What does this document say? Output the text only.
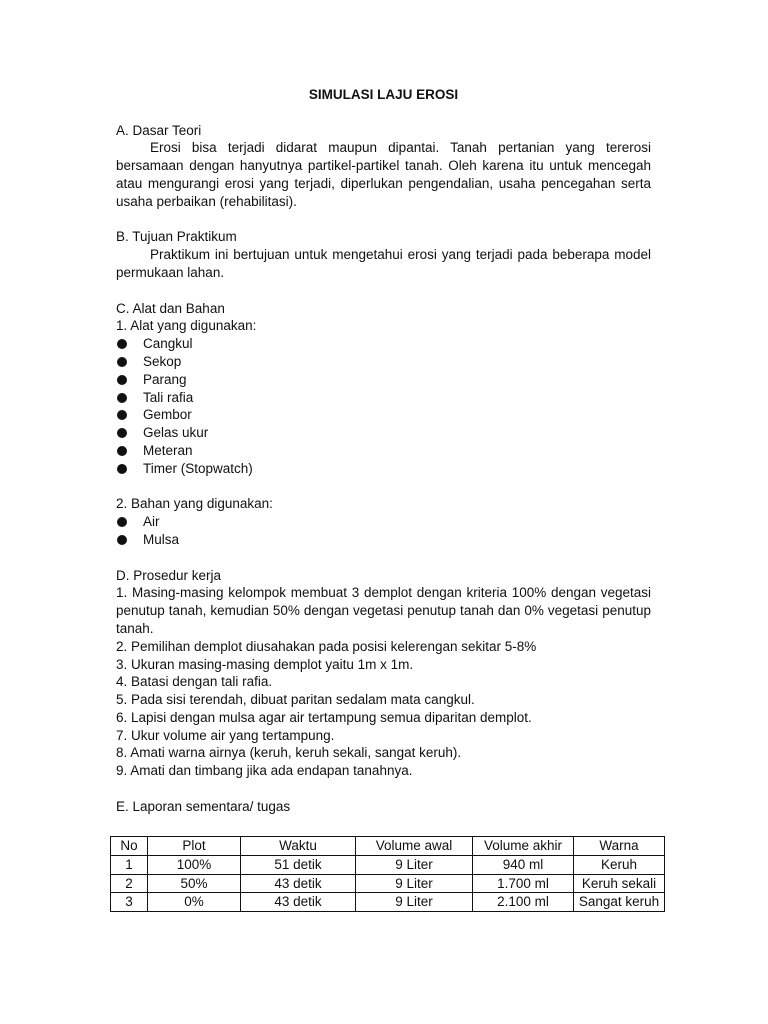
SIMULASI LAJU EROSI

A. Dasar Teori

Erosi bisa terjadi didarat maupun dipantai. Tanah pertanian yang tererosi bersamaan dengan hanyutnya partikel-partikel tanah. Oleh karena itu untuk mencegah atau mengurangi erosi yang terjadi, diperlukan pengendalian, usaha pencegahan serta usaha perbaikan (rehabilitasi).

B. Tujuan Praktikum

Praktikum ini bertujuan untuk mengetahui erosi yang terjadi pada beberapa model permukaan lahan.

C. Alat dan Bahan

1. Alat yang digunakan:

Cangkul
Sekop
Parang
Tali rafia
Gembor
Gelas ukur
Meteran
Timer (Stopwatch)

2. Bahan yang digunakan:

Air
Mulsa

D. Prosedur kerja

1. Masing-masing kelompok membuat 3 demplot dengan kriteria 100% dengan vegetasi penutup tanah, kemudian 50% dengan vegetasi penutup tanah dan 0% vegetasi penutup tanah.

2. Pemilihan demplot diusahakan pada posisi kelerengan sekitar 5-8%

3. Ukuran masing-masing demplot yaitu 1m x 1m.

4. Batasi dengan tali rafia.

5. Pada sisi terendah, dibuat paritan sedalam mata cangkul.

6. Lapisi dengan mulsa agar air tertampung semua diparitan demplot.

7. Ukur volume air yang tertampung.

8. Amati warna airnya (keruh, keruh sekali, sangat keruh).

9. Amati dan timbang jika ada endapan tanahnya.

E. Laporan sementara/ tugas

No	Plot	Waktu	Volume awal	Volume akhir	Warna
1	100%	51 detik	9 Liter	940 ml	Keruh
2	50%	43 detik	9 Liter	1.700 ml	Keruh sekali
3	0%	43 detik	9 Liter	2.100 ml	Sangat keruh
